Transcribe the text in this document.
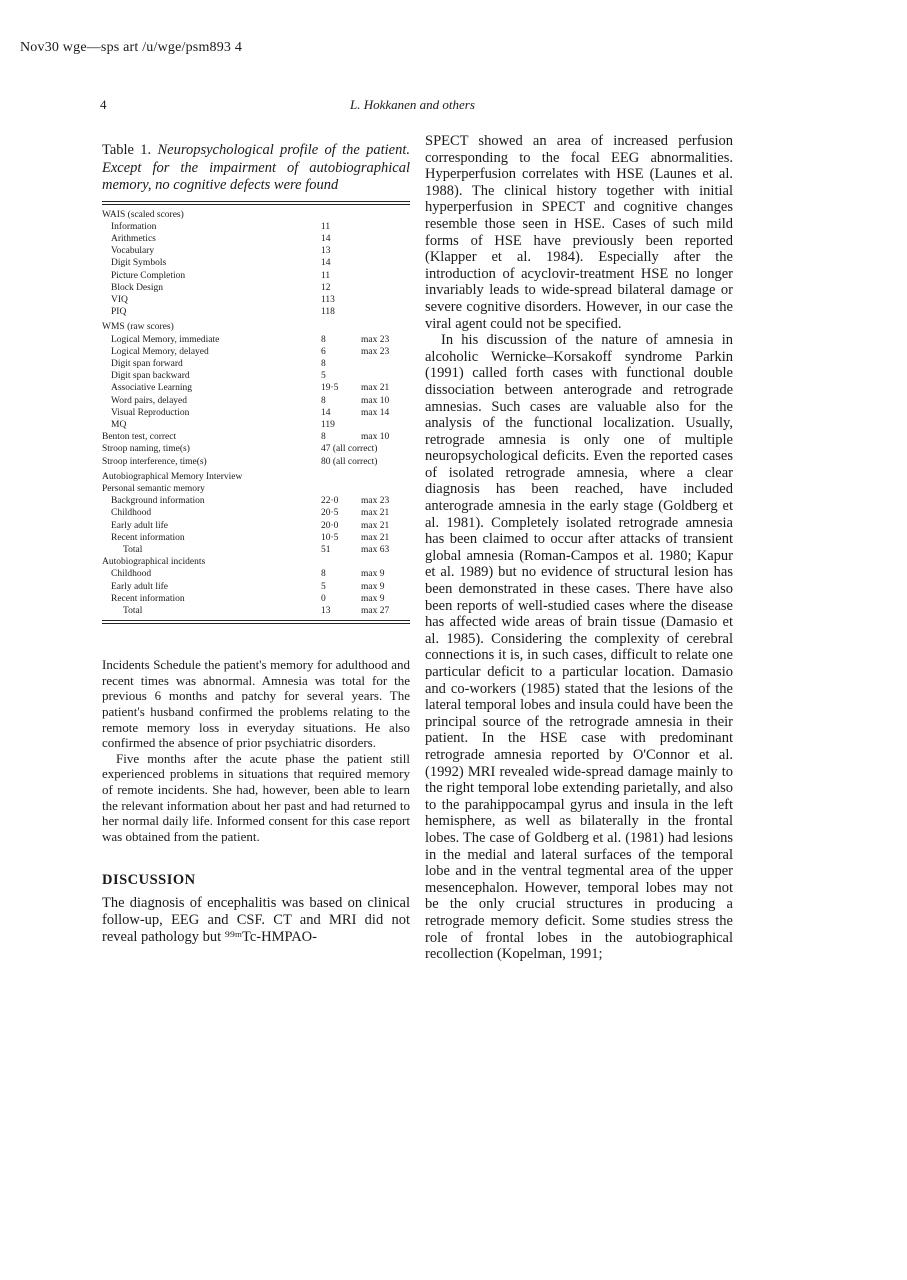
Nov30 wge—sps art /u/wge/psm893 4
4	L. Hokkanen and others

Table 1. Neuropsychological profile of the patient. Except for the impairment of autobiographical memory, no cognitive defects were found

WAIS (scaled scores)		
Information	11	
Arithmetics	14	
Vocabulary	13	
Digit Symbols	14	
Picture Completion	11	
Block Design	12	
VIQ	113	
PIQ	118	
WMS (raw scores)		
Logical Memory, immediate	8	max 23
Logical Memory, delayed	6	max 23
Digit span forward	8	
Digit span backward	5	
Associative Learning	19·5	max 21
Word pairs, delayed	8	max 10
Visual Reproduction	14	max 14
MQ	119	
Benton test, correct	8	max 10
Stroop naming, time(s)	47 (all correct)
Stroop interference, time(s)	80 (all correct)
Autobiographical Memory Interview		
Personal semantic memory		
Background information	22·0	max 23
Childhood	20·5	max 21
Early adult life	20·0	max 21
Recent information	10·5	max 21
Total	51	max 63
Autobiographical incidents		
Childhood	8	max 9
Early adult life	5	max 9
Recent information	0	max 9
Total	13	max 27

Incidents Schedule the patient's memory for adulthood and recent times was abnormal. Amnesia was total for the previous 6 months and patchy for several years. The patient's husband confirmed the problems relating to the remote memory loss in everyday situations. He also confirmed the absence of prior psychiatric disorders.

Five months after the acute phase the patient still experienced problems in situations that required memory of remote incidents. She had, however, been able to learn the relevant information about her past and had returned to her normal daily life. Informed consent for this case report was obtained from the patient.

DISCUSSION

The diagnosis of encephalitis was based on clinical follow-up, EEG and CSF. CT and MRI did not reveal pathology but ⁹⁹ᵐTc-HMPAO-

SPECT showed an area of increased perfusion corresponding to the focal EEG abnormalities. Hyperperfusion correlates with HSE (Launes et al. 1988). The clinical history together with initial hyperperfusion in SPECT and cognitive changes resemble those seen in HSE. Cases of such mild forms of HSE have previously been reported (Klapper et al. 1984). Especially after the introduction of acyclovir-treatment HSE no longer invariably leads to wide-spread bilateral damage or severe cognitive disorders. However, in our case the viral agent could not be specified.

In his discussion of the nature of amnesia in alcoholic Wernicke–Korsakoff syndrome Parkin (1991) called forth cases with functional double dissociation between anterograde and retrograde amnesias. Such cases are valuable also for the analysis of the functional localization. Usually, retrograde amnesia is only one of multiple neuropsychological deficits. Even the reported cases of isolated retrograde amnesia, where a clear diagnosis has been reached, have included anterograde amnesia in the early stage (Goldberg et al. 1981). Completely isolated retrograde amnesia has been claimed to occur after attacks of transient global amnesia (Roman-Campos et al. 1980; Kapur et al. 1989) but no evidence of structural lesion has been demonstrated in these cases. There have also been reports of well-studied cases where the disease has affected wide areas of brain tissue (Damasio et al. 1985). Considering the complexity of cerebral connections it is, in such cases, difficult to relate one particular deficit to a particular location. Damasio and co-workers (1985) stated that the lesions of the lateral temporal lobes and insula could have been the principal source of the retrograde amnesia in their patient. In the HSE case with predominant retrograde amnesia reported by O'Connor et al. (1992) MRI revealed wide-spread damage mainly to the right temporal lobe extending parietally, and also to the parahippocampal gyrus and insula in the left hemisphere, as well as bilaterally in the frontal lobes. The case of Goldberg et al. (1981) had lesions in the medial and lateral surfaces of the temporal lobe and in the ventral tegmental area of the upper mesencephalon. However, temporal lobes may not be the only crucial structures in producing a retrograde memory deficit. Some studies stress the role of frontal lobes in the autobiographical recollection (Kopelman, 1991;
